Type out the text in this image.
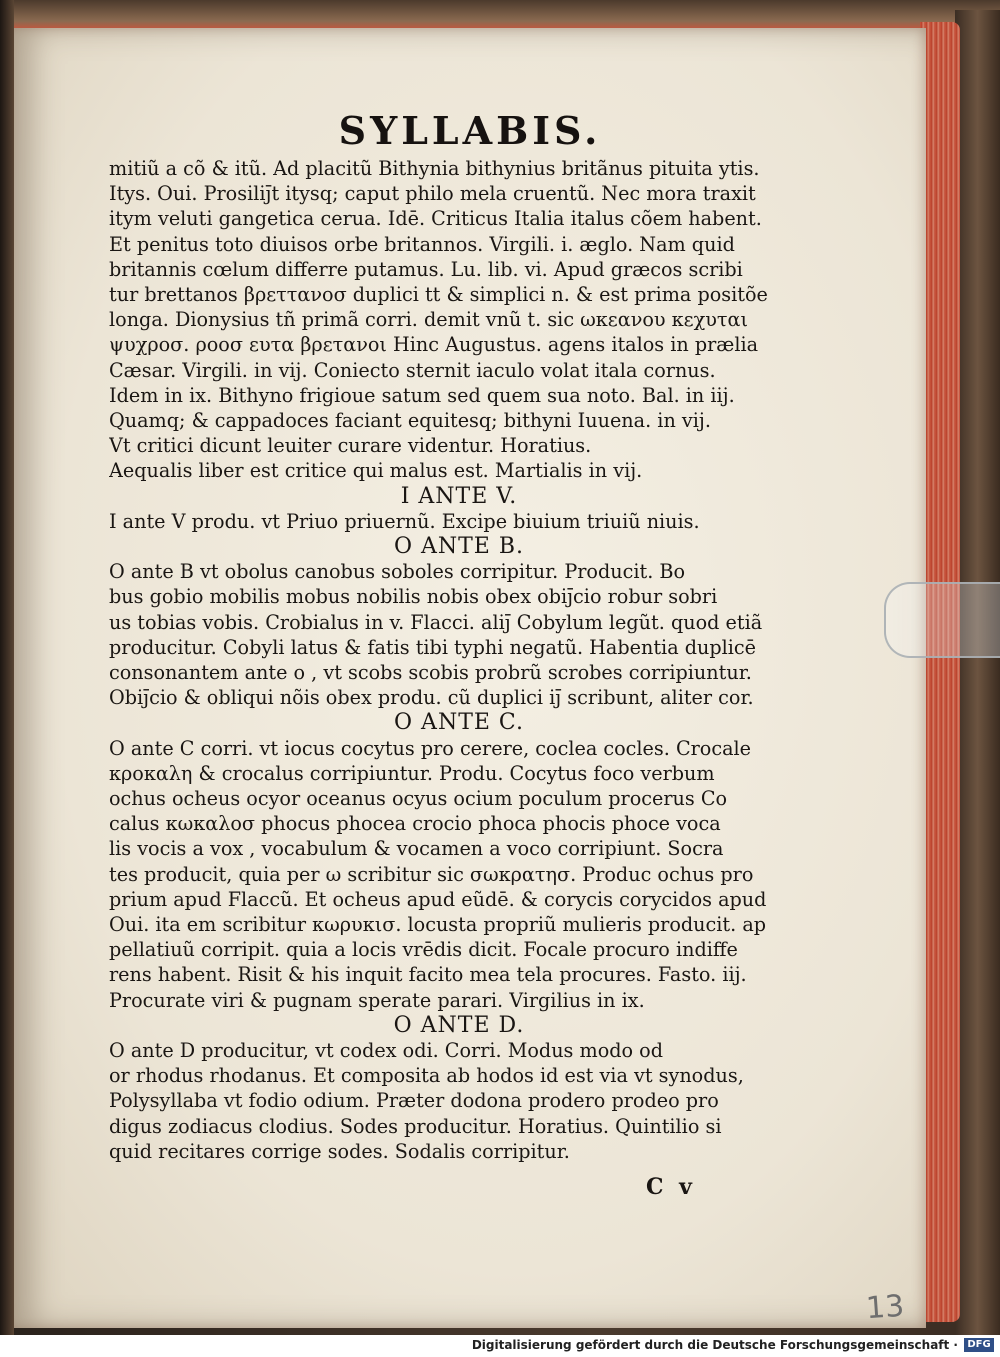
SYLLABIS.
mitiũ a cõ & itũ. Ad placitũ Bithynia bithynius britãnus pituita ytis.
Itys. Oui. Prosilij̄t itysq; caput philo mela cruentũ. Nec mora traxit
itym veluti gangetica cerua. Idē. Criticus Italia italus cõem habent.
Et penitus toto diuisos orbe britannos. Virgili. i. æglo. Nam quid
britannis cœlum differre putamus. Lu. lib. vi. Apud græcos scribi
tur brettanos βρεττανοσ duplici tt & simplici n. & est prima positõe
longa. Dionysius tñ primã corri. demit vnũ t. sic ωκεανου κεχυται
ψυχροσ. ροοσ ευτα βρετανοι Hinc Augustus. agens italos in prælia
Cæsar. Virgili. in vij. Coniecto sternit iaculo volat itala cornus.
Idem in ix. Bithyno frigioue satum sed quem sua noto. Bal. in iij.
Quamq; & cappadoces faciant equitesq; bithyni Iuuena. in vij.
Vt critici dicunt leuiter curare videntur. Horatius.
Aequalis liber est critice qui malus est. Martialis in vij.
I ANTE V.
I ante V produ. vt Priuo priuernũ. Excipe biuium triuiũ niuis.
O ANTE B.
O ante B vt obolus canobus soboles corripitur. Producit. Bo
bus gobio mobilis mobus nobilis nobis obex obij̄cio robur sobri
us tobias vobis. Crobialus in v. Flacci. alij̄ Cobylum legũt. quod etiã
producitur. Cobyli latus & fatis tibi typhi negatũ. Habentia duplicē
consonantem ante o , vt scobs scobis probrũ scrobes corripiuntur.
Obij̄cio & obliqui nõis obex produ. cũ duplici ij̄ scribunt, aliter cor.
O ANTE C.
O ante C corri. vt iocus cocytus pro cerere, coclea cocles. Crocale
κροκαλη & crocalus corripiuntur. Produ. Cocytus foco verbum
ochus ocheus ocyor oceanus ocyus ocium poculum procerus Co
calus κωκαλοσ phocus phocea crocio phoca phocis phoce voca
lis vocis a vox , vocabulum & vocamen a voco corripiunt. Socra
tes producit, quia per ω scribitur sic σωκρατησ. Produc ochus pro
prium apud Flaccũ. Et ocheus apud eũdē. & corycis corycidos apud
Oui. ita em scribitur κωρυκισ. locusta propriũ mulieris producit. ap
pellatiuũ corripit. quia a locis vrēdis dicit. Focale procuro indiffe
rens habent. Risit & his inquit facito mea tela procures. Fasto. iij.
Procurate viri & pugnam sperate parari. Virgilius in ix.
O ANTE D.
O ante D producitur, vt codex odi. Corri. Modus modo od
or rhodus rhodanus. Et composita ab hodos id est via vt synodus,
Polysyllaba vt fodio odium. Præter dodona prodero prodeo pro
digus zodiacus clodius. Sodes producitur. Horatius. Quintilio si
quid recitares corrige sodes. Sodalis corripitur.
C v
13
Digitalisierung gefördert durch die Deutsche Forschungsgemeinschaft · DFG
